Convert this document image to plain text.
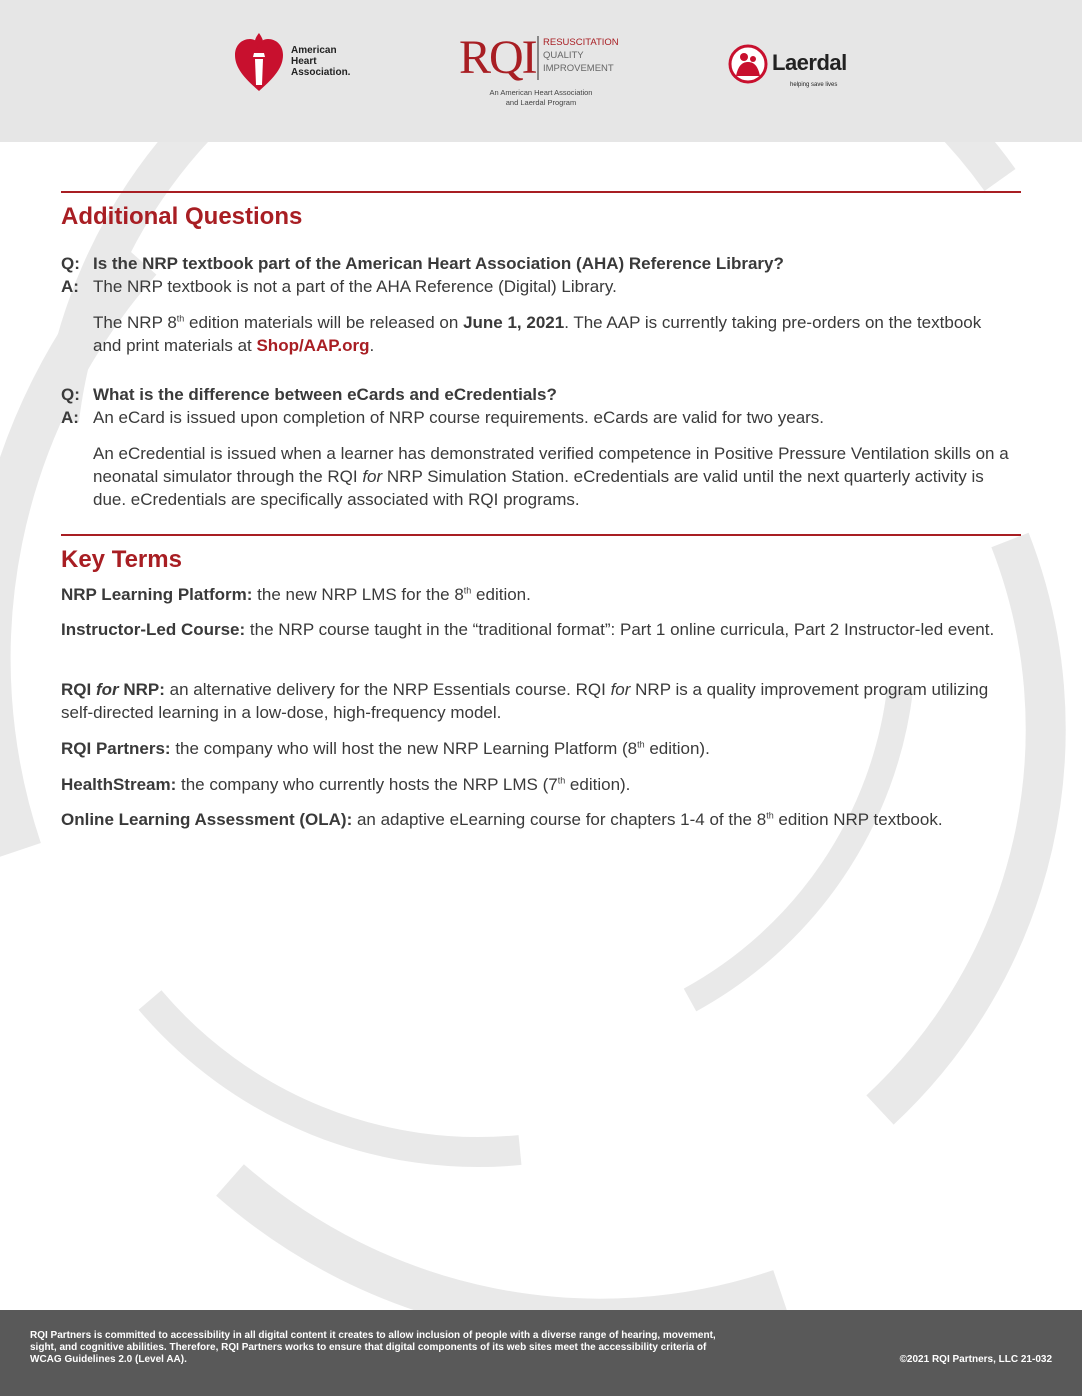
American
Heart
Association. RQI RESUSCITATION
QUALITY
IMPROVEMENT
An American Heart Association
and Laerdal Program
Laerdal
helping save lives
Additional Questions
Q: Is the NRP textbook part of the American Heart Association (AHA) Reference Library?
A: The NRP textbook is not a part of the AHA Reference (Digital) Library.
The NRP 8th edition materials will be released on June 1, 2021. The AAP is currently taking pre-orders on the textbook and print materials at Shop/AAP.org.
Q: What is the difference between eCards and eCredentials?
A: An eCard is issued upon completion of NRP course requirements. eCards are valid for two years.
An eCredential is issued when a learner has demonstrated verified competence in Positive Pressure Ventilation skills on a neonatal simulator through the RQI for NRP Simulation Station. eCredentials are valid until the next quarterly activity is due. eCredentials are specifically associated with RQI programs.
Key Terms
NRP Learning Platform: the new NRP LMS for the 8th edition.
Instructor-Led Course: the NRP course taught in the “traditional format”: Part 1 online curricula, Part 2 Instructor-led event.
RQI for NRP: an alternative delivery for the NRP Essentials course. RQI for NRP is a quality improvement program utilizing self-directed learning in a low-dose, high-frequency model.
RQI Partners: the company who will host the new NRP Learning Platform (8th edition).
HealthStream: the company who currently hosts the NRP LMS (7th edition).
Online Learning Assessment (OLA): an adaptive eLearning course for chapters 1-4 of the 8th edition NRP textbook.
RQI Partners is committed to accessibility in all digital content it creates to allow inclusion of people with a diverse range of hearing, movement, sight, and cognitive abilities. Therefore, RQI Partners works to ensure that digital components of its web sites meet the accessibility criteria of WCAG Guidelines 2.0 (Level AA).	©2021 RQI Partners, LLC 21-032
